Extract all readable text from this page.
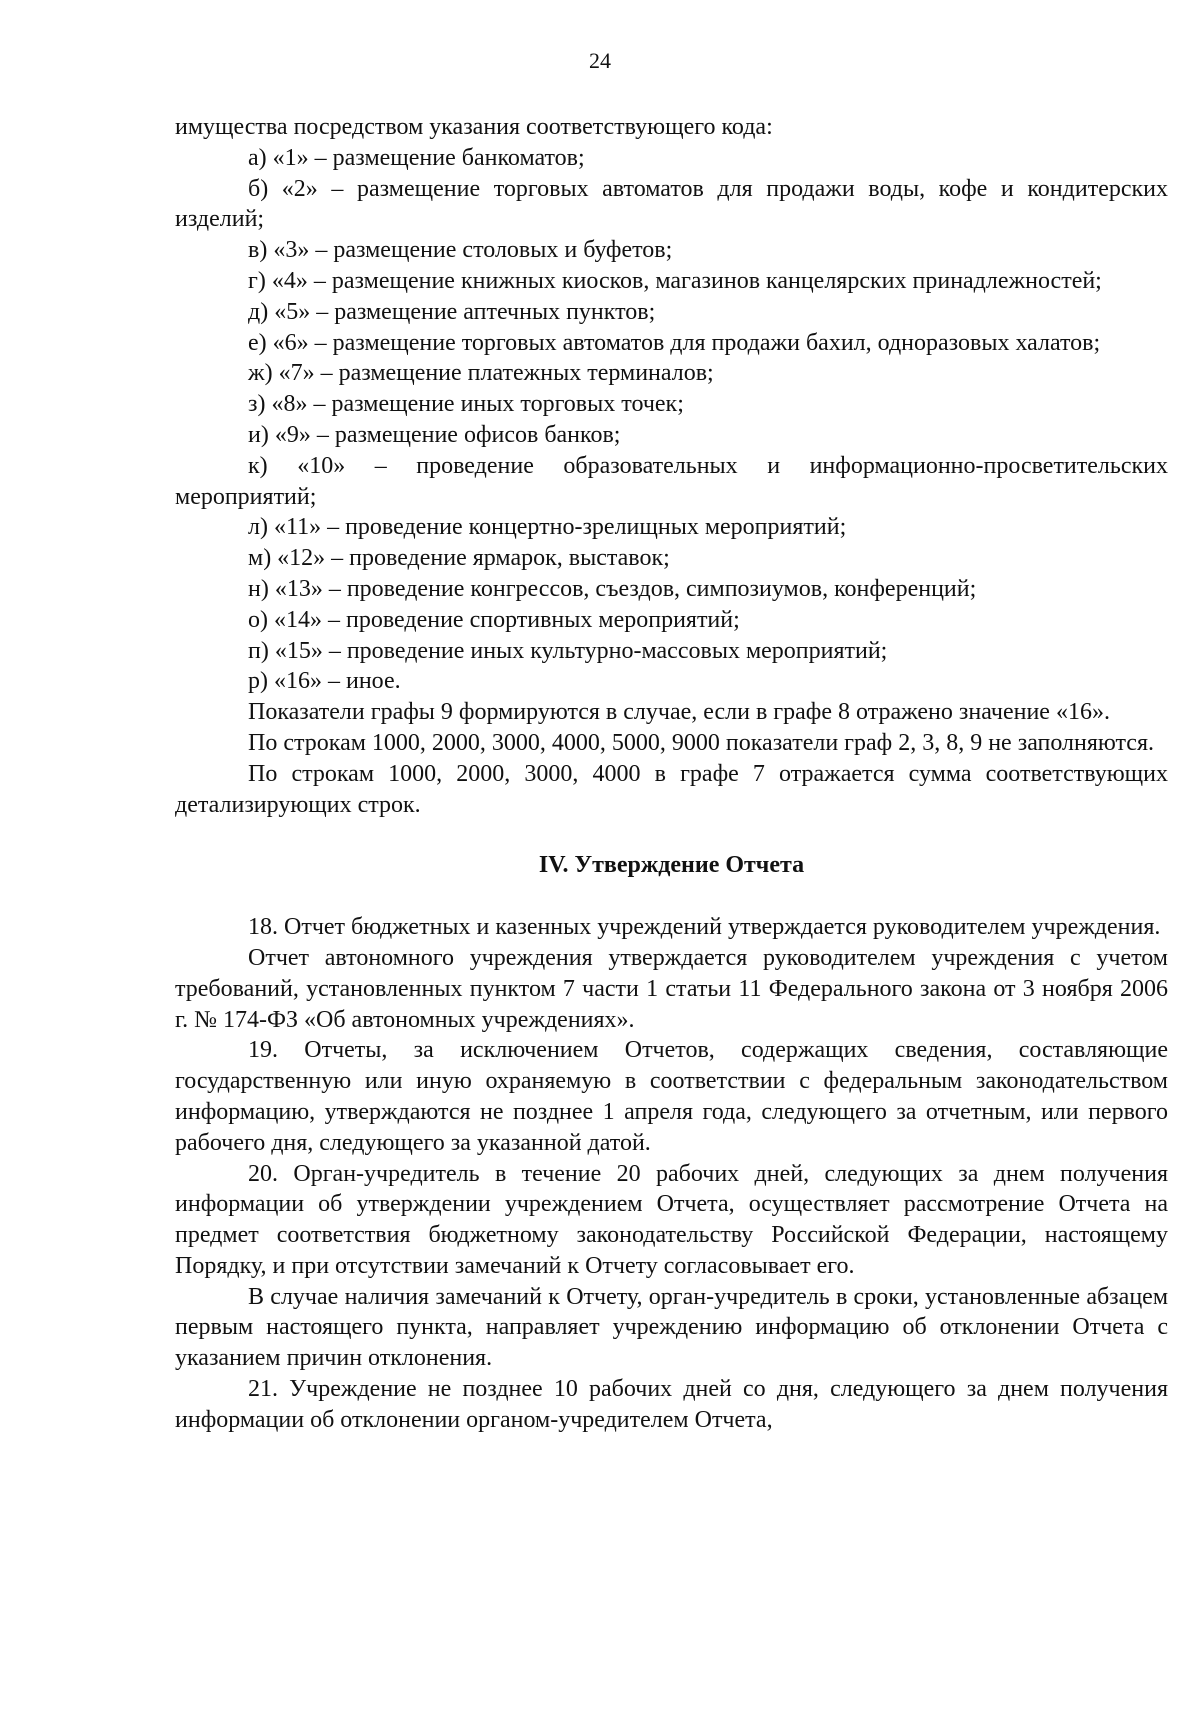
24

имущества посредством указания соответствующего кода:

а) «1» – размещение банкоматов;

б) «2» – размещение торговых автоматов для продажи воды, кофе и кондитерских изделий;

в) «3» – размещение столовых и буфетов;

г) «4» – размещение книжных киосков, магазинов канцелярских принадлежностей;

д) «5» – размещение аптечных пунктов;

е) «6» – размещение торговых автоматов для продажи бахил, одноразовых халатов;

ж) «7» – размещение платежных терминалов;

з) «8» – размещение иных торговых точек;

и) «9» – размещение офисов банков;

к) «10» – проведение образовательных и информационно-просветительских мероприятий;

л) «11» – проведение концертно-зрелищных мероприятий;

м) «12» – проведение ярмарок, выставок;

н) «13» – проведение конгрессов, съездов, симпозиумов, конференций;

о) «14» – проведение спортивных мероприятий;

п) «15» – проведение иных культурно-массовых мероприятий;

р) «16» – иное.

Показатели графы 9 формируются в случае, если в графе 8 отражено значение «16».

По строкам 1000, 2000, 3000, 4000, 5000, 9000 показатели граф 2, 3, 8, 9 не заполняются.

По строкам 1000, 2000, 3000, 4000 в графе 7 отражается сумма соответствующих детализирующих строк.

IV. Утверждение Отчета

18. Отчет бюджетных и казенных учреждений утверждается руководителем учреждения.

Отчет автономного учреждения утверждается руководителем учреждения с учетом требований, установленных пунктом 7 части 1 статьи 11 Федерального закона от 3 ноября 2006 г. № 174-ФЗ «Об автономных учреждениях».

19. Отчеты, за исключением Отчетов, содержащих сведения, составляющие государственную или иную охраняемую в соответствии с федеральным законодательством информацию, утверждаются не позднее 1 апреля года, следующего за отчетным, или первого рабочего дня, следующего за указанной датой.

20. Орган-учредитель в течение 20 рабочих дней, следующих за днем получения информации об утверждении учреждением Отчета, осуществляет рассмотрение Отчета на предмет соответствия бюджетному законодательству Российской Федерации, настоящему Порядку, и при отсутствии замечаний к Отчету согласовывает его.

В случае наличия замечаний к Отчету, орган-учредитель в сроки, установленные абзацем первым настоящего пункта, направляет учреждению информацию об отклонении Отчета с указанием причин отклонения.

21. Учреждение не позднее 10 рабочих дней со дня, следующего за днем получения информации об отклонении органом-учредителем Отчета,
